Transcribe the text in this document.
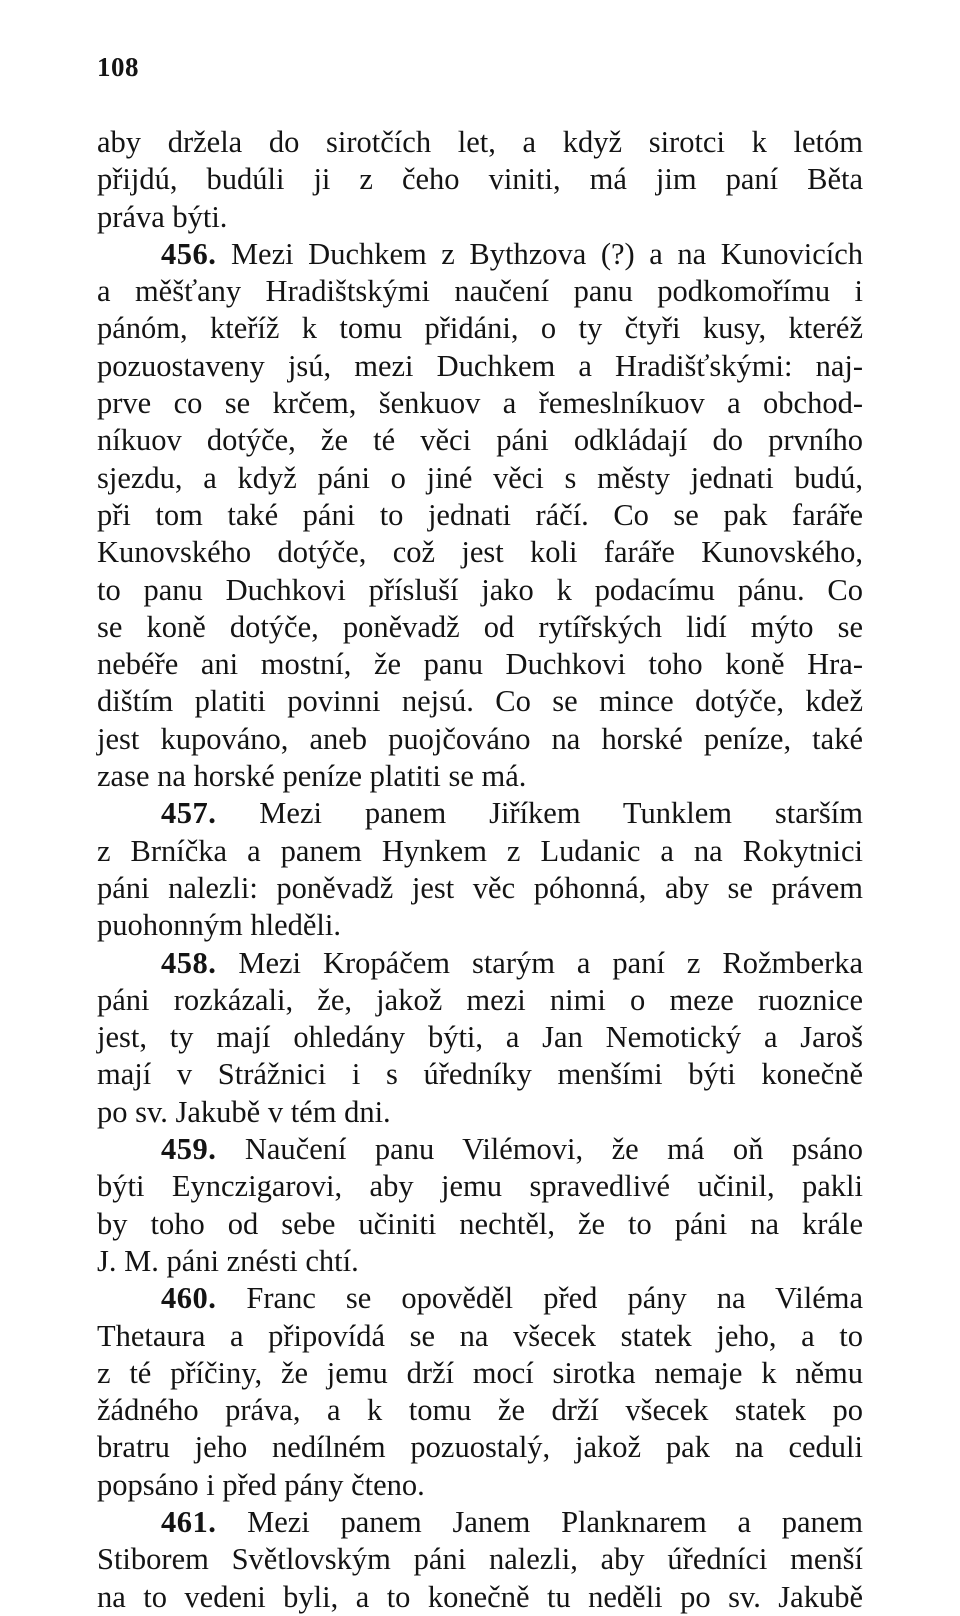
108
aby držela do sirotčích let, a když sirotci k letóm
přijdú, budúli ji z čeho viniti, má jim paní Běta
práva býti.
456. Mezi Duchkem z Bythzova (?) a na Kunovicích
a měšťany Hradištskými naučení panu podkomořímu i
pánóm, kteříž k tomu přidáni, o ty čtyři kusy, kteréž
pozuostaveny jsú, mezi Duchkem a Hradišťskými: naj-
prve co se krčem, šenkuov a řemeslníkuov a obchod-
níkuov dotýče, že té věci páni odkládají do prvního
sjezdu, a když páni o jiné věci s městy jednati budú,
při tom také páni to jednati ráčí. Co se pak faráře
Kunovského dotýče, což jest koli faráře Kunovského,
to panu Duchkovi přísluší jako k podacímu pánu. Co
se koně dotýče, poněvadž od rytířských lidí mýto se
nebéře ani mostní, že panu Duchkovi toho koně Hra-
dištím platiti povinni nejsú. Co se mince dotýče, kdež
jest kupováno, aneb puojčováno na horské peníze, také
zase na horské peníze platiti se má.
457. Mezi panem Jiříkem Tunklem starším
z Brníčka a panem Hynkem z Ludanic a na Rokytnici
páni nalezli: poněvadž jest věc póhonná, aby se právem
puohonným hleděli.
458. Mezi Kropáčem starým a paní z Rožmberka
páni rozkázali, že, jakož mezi nimi o meze ruoznice
jest, ty mají ohledány býti, a Jan Nemotický a Jaroš
mají v Strážnici i s úředníky menšími býti konečně
po sv. Jakubě v tém dni.
459. Naučení panu Vilémovi, že má oň psáno
býti Eynczigarovi, aby jemu spravedlivé učinil, pakli
by toho od sebe učiniti nechtěl, že to páni na krále
J. M. páni znésti chtí.
460. Franc se opověděl před pány na Viléma
Thetaura a připovídá se na všecek statek jeho, a to
z té příčiny, že jemu drží mocí sirotka nemaje k němu
žádného práva, a k tomu že drží všecek statek po
bratru jeho nedílném pozuostalý, jakož pak na ceduli
popsáno i před pány čteno.
461. Mezi panem Janem Planknarem a panem
Stiborem Světlovským páni nalezli, aby úředníci menší
na to vedeni byli, a to konečně tu neděli po sv. Jakubě
